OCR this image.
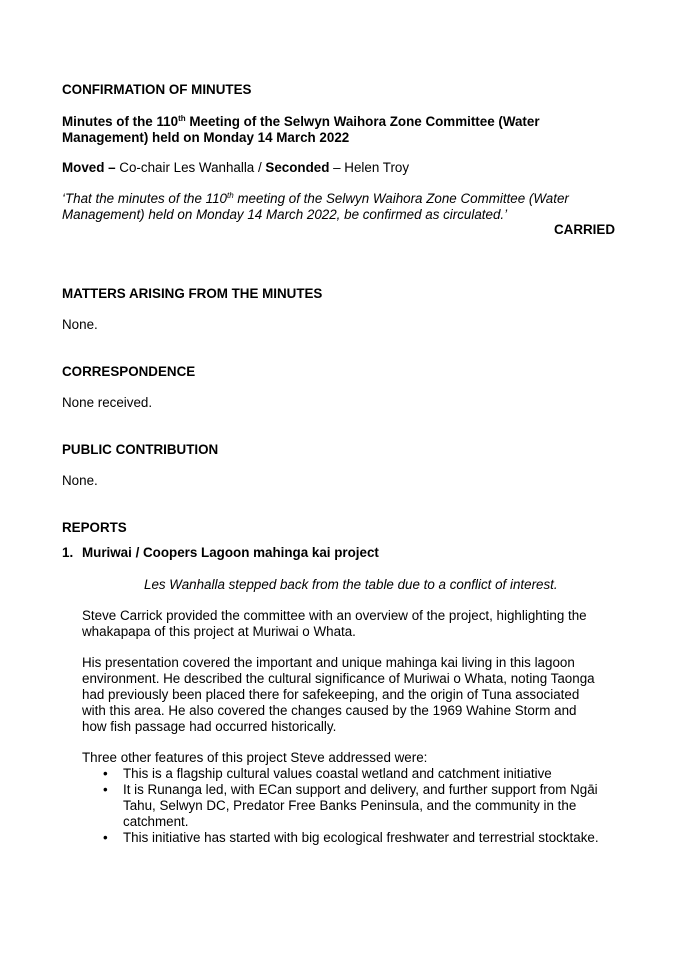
CONFIRMATION OF MINUTES
Minutes of the 110th Meeting of the Selwyn Waihora Zone Committee (Water
Management) held on Monday 14 March 2022
Moved – Co-chair Les Wanhalla / Seconded – Helen Troy
‘That the minutes of the 110th meeting of the Selwyn Waihora Zone Committee (Water
Management) held on Monday 14 March 2022, be confirmed as circulated.’
CARRIED
MATTERS ARISING FROM THE MINUTES
None.
CORRESPONDENCE
None received.
PUBLIC CONTRIBUTION
None.
REPORTS
1. Muriwai / Coopers Lagoon mahinga kai project
Les Wanhalla stepped back from the table due to a conflict of interest.
Steve Carrick provided the committee with an overview of the project, highlighting the
whakapapa of this project at Muriwai o Whata.
His presentation covered the important and unique mahinga kai living in this lagoon
environment. He described the cultural significance of Muriwai o Whata, noting Taonga
had previously been placed there for safekeeping, and the origin of Tuna associated
with this area. He also covered the changes caused by the 1969 Wahine Storm and
how fish passage had occurred historically.
Three other features of this project Steve addressed were:
• This is a flagship cultural values coastal wetland and catchment initiative
• It is Runanga led, with ECan support and delivery, and further support from Ngāi Tahu, Selwyn DC, Predator Free Banks Peninsula, and the community in the catchment.
• This initiative has started with big ecological freshwater and terrestrial stocktake.
